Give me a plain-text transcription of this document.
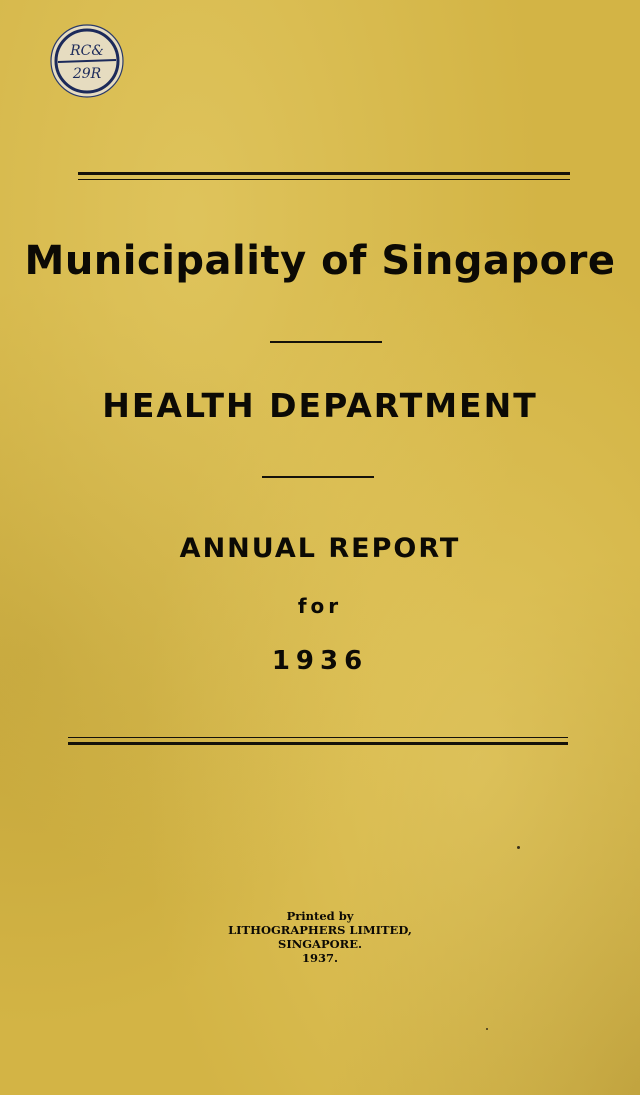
RC&
29R
Municipality of Singapore
HEALTH DEPARTMENT
ANNUAL REPORT
for
1936
Printed by
LITHOGRAPHERS LIMITED,
SINGAPORE.
1937.
